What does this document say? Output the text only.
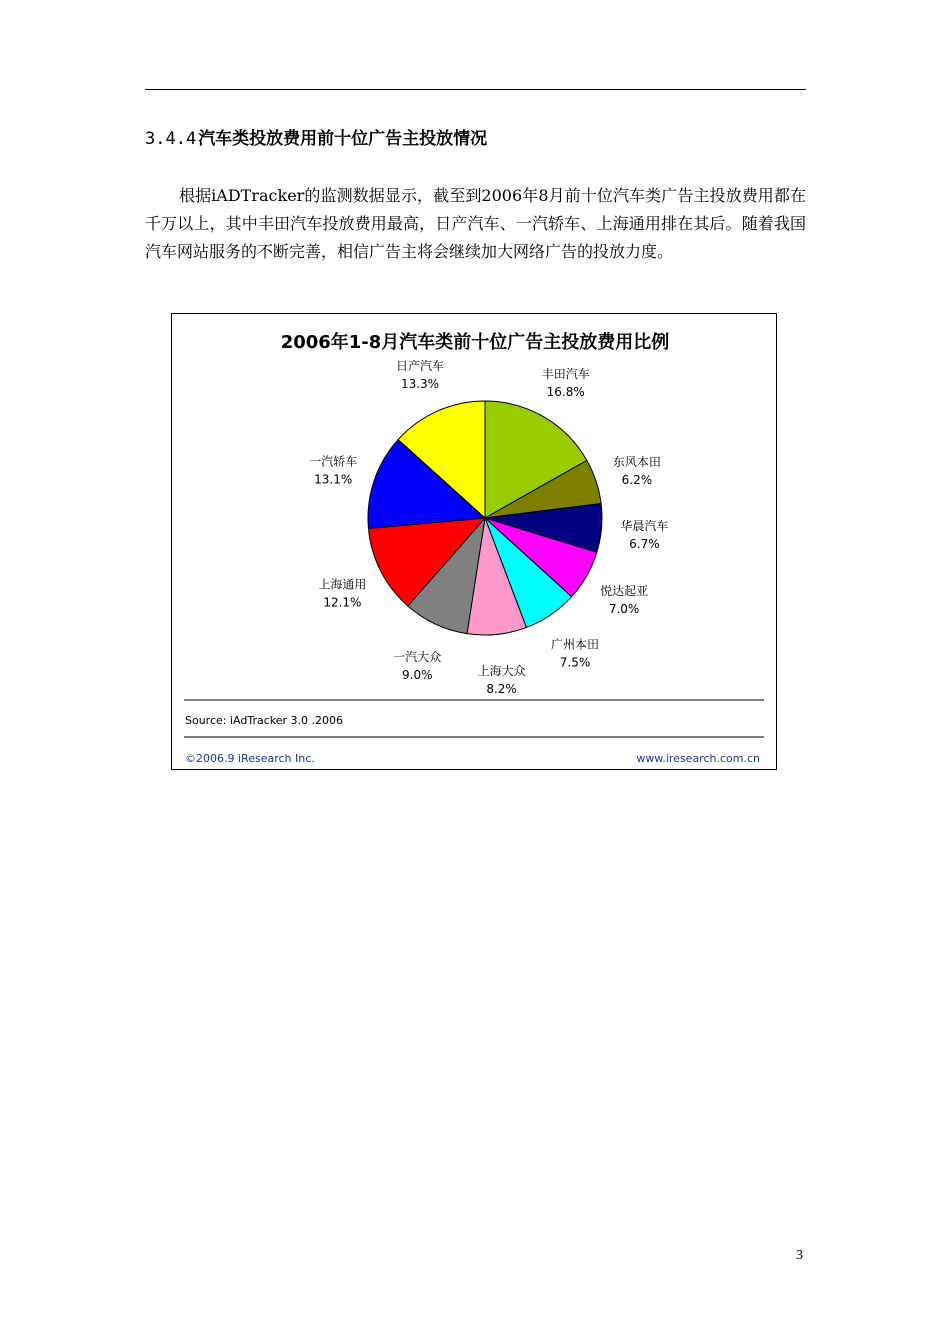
3.4.4 汽车类投放费用前十位广告主投放情况

根据iADTracker的监测数据显示，截至到2006年8月前十位汽车类广告主投放费用都在千万以上，其中丰田汽车投放费用最高，日产汽车、一汽轿车、上海通用排在其后。随着我国汽车网站服务的不断完善，相信广告主将会继续加大网络广告的投放力度。

2006年1-8月汽车类前十位广告主投放费用比例
丰田汽车
16.8%
东风本田
6.2%
华晨汽车
6.7%
悦达起亚
7.0%
广州本田
7.5%
上海大众
8.2%
一汽大众
9.0%
上海通用
12.1%
一汽轿车
13.1%
日产汽车
13.3%
Source: iAdTracker 3.0 .2006
©2006.9 iResearch Inc.	www.iresearch.com.cn
3
